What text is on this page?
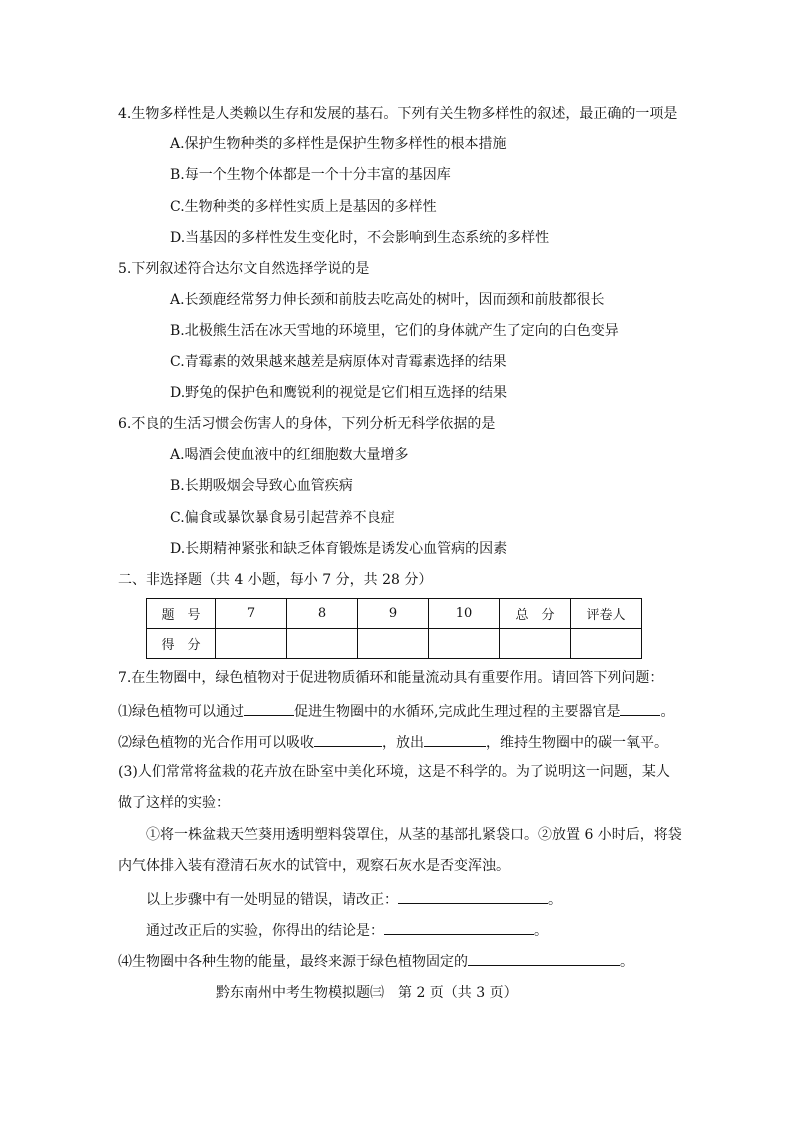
4.生物多样性是人类赖以生存和发展的基石。下列有关生物多样性的叙述，最正确的一项是
A.保护生物种类的多样性是保护生物多样性的根本措施
B.每一个生物个体都是一个十分丰富的基因库
C.生物种类的多样性实质上是基因的多样性
D.当基因的多样性发生变化时，不会影响到生态系统的多样性
5.下列叙述符合达尔文自然选择学说的是
A.长颈鹿经常努力伸长颈和前肢去吃高处的树叶，因而颈和前肢都很长
B.北极熊生活在冰天雪地的环境里，它们的身体就产生了定向的白色变异
C.青霉素的效果越来越差是病原体对青霉素选择的结果
D.野兔的保护色和鹰锐利的视觉是它们相互选择的结果
6.不良的生活习惯会伤害人的身体，下列分析无科学依据的是
A.喝酒会使血液中的红细胞数大量增多
B.长期吸烟会导致心血管疾病
C.偏食或暴饮暴食易引起营养不良症
D.长期精神紧张和缺乏体育锻炼是诱发心血管病的因素
二、非选择题（共 4 小题，每小 7 分，共 28 分）
题　号	7	8	9	10	总　分	评卷人
得　分						
7.在生物圈中，绿色植物对于促进物质循环和能量流动具有重要作用。请回答下列问题：
⑴绿色植物可以通过	促进生物圈中的水循环,完成此生理过程的主要器官是	。
⑵绿色植物的光合作用可以吸收	，放出	，维持生物圈中的碳一氧平。
(3)人们常常将盆栽的花卉放在卧室中美化环境，这是不科学的。为了说明这一问题，某人
做了这样的实验：
①将一株盆栽天竺葵用透明塑料袋罩住，从茎的基部扎紧袋口。②放置 6 小时后，将袋
内气体排入装有澄清石灰水的试管中，观察石灰水是否变浑浊。
以上步骤中有一处明显的错误，请改正：	。
通过改正后的实验，你得出的结论是：	。
⑷生物圈中各种生物的能量，最终来源于绿色植物固定的	。
黔东南州中考生物模拟题㈢　第 2 页（共 3 页）
